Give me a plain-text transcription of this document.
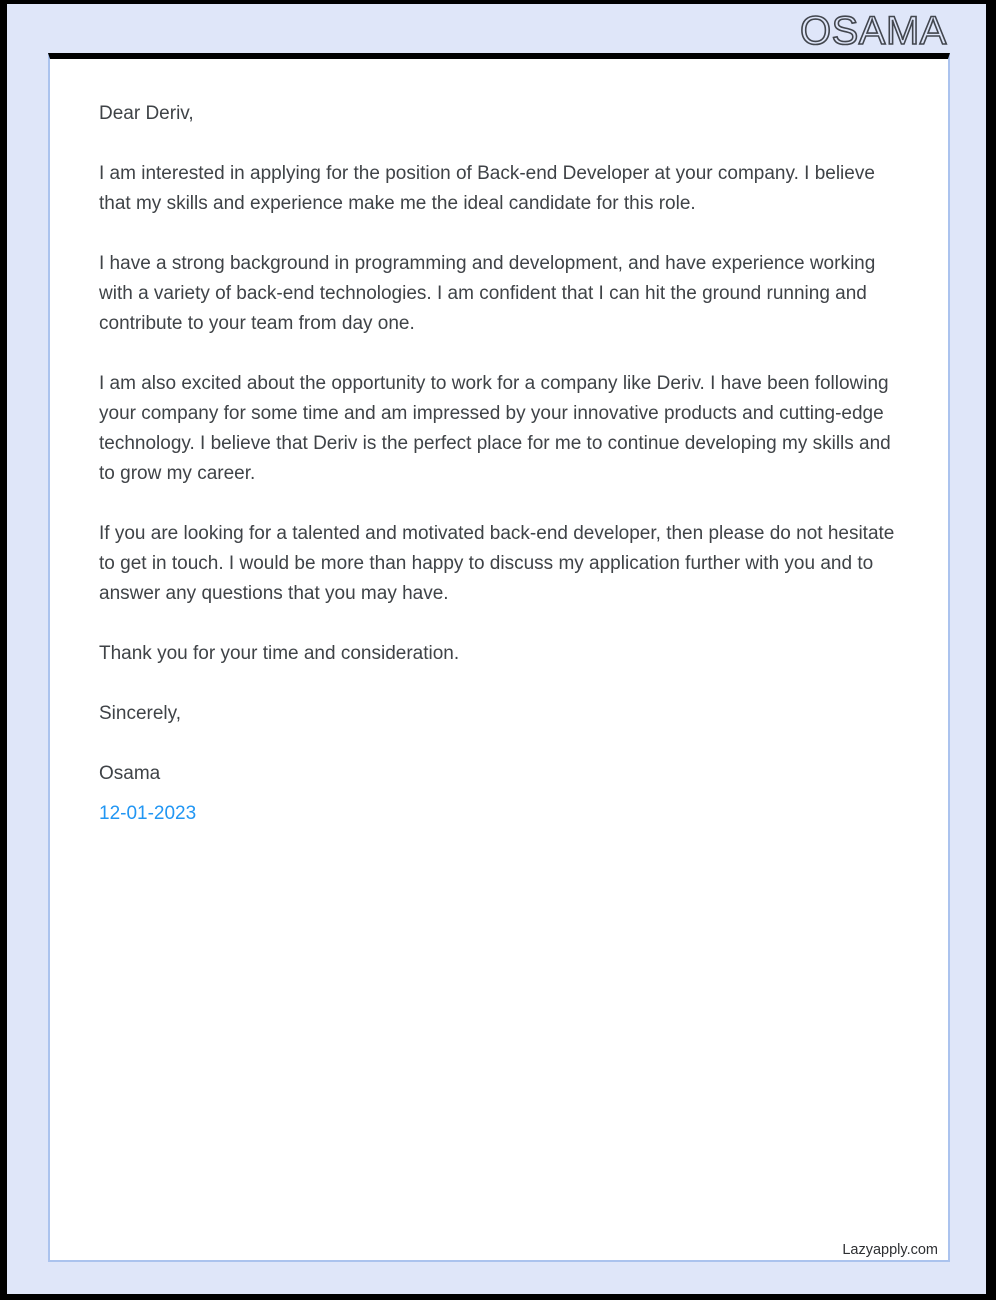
OSAMA

Dear Deriv,

I am interested in applying for the position of Back-end Developer at your company. I believe that my skills and experience make me the ideal candidate for this role.

I have a strong background in programming and development, and have experience working with a variety of back-end technologies. I am confident that I can hit the ground running and contribute to your team from day one.

I am also excited about the opportunity to work for a company like Deriv. I have been following your company for some time and am impressed by your innovative products and cutting-edge technology. I believe that Deriv is the perfect place for me to continue developing my skills and to grow my career.

If you are looking for a talented and motivated back-end developer, then please do not hesitate to get in touch. I would be more than happy to discuss my application further with you and to answer any questions that you may have.

Thank you for your time and consideration.

Sincerely,

Osama

12-01-2023

Lazyapply.com
